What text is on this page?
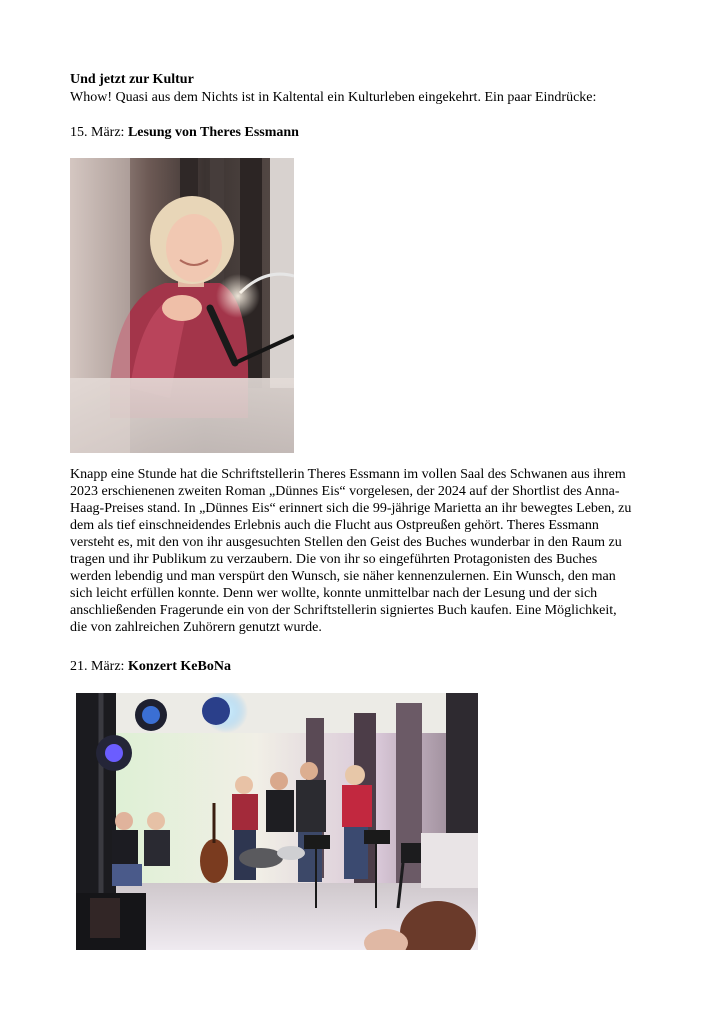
Und jetzt zur Kultur
Whow! Quasi aus dem Nichts ist in Kaltental ein Kulturleben eingekehrt. Ein paar Eindrücke:
15. März: Lesung von Theres Essmann
Knapp eine Stunde hat die Schriftstellerin Theres Essmann im vollen Saal des Schwanen aus ihrem
2023 erschienenen zweiten Roman „Dünnes Eis“ vorgelesen, der 2024 auf der Shortlist des Anna-
Haag-Preises stand. In „Dünnes Eis“ erinnert sich die 99-jährige Marietta an ihr bewegtes Leben, zu
dem als tief einschneidendes Erlebnis auch die Flucht aus Ostpreußen gehört. Theres Essmann
versteht es, mit den von ihr ausgesuchten Stellen den Geist des Buches wunderbar in den Raum zu
tragen und ihr Publikum zu verzaubern. Die von ihr so eingeführten Protagonisten des Buches
werden lebendig und man verspürt den Wunsch, sie näher kennenzulernen. Ein Wunsch, den man
sich leicht erfüllen konnte. Denn wer wollte, konnte unmittelbar nach der Lesung und der sich
anschließenden Fragerunde ein von der Schriftstellerin signiertes Buch kaufen. Eine Möglichkeit,
die von zahlreichen Zuhörern genutzt wurde.
21. März: Konzert KeBoNa
